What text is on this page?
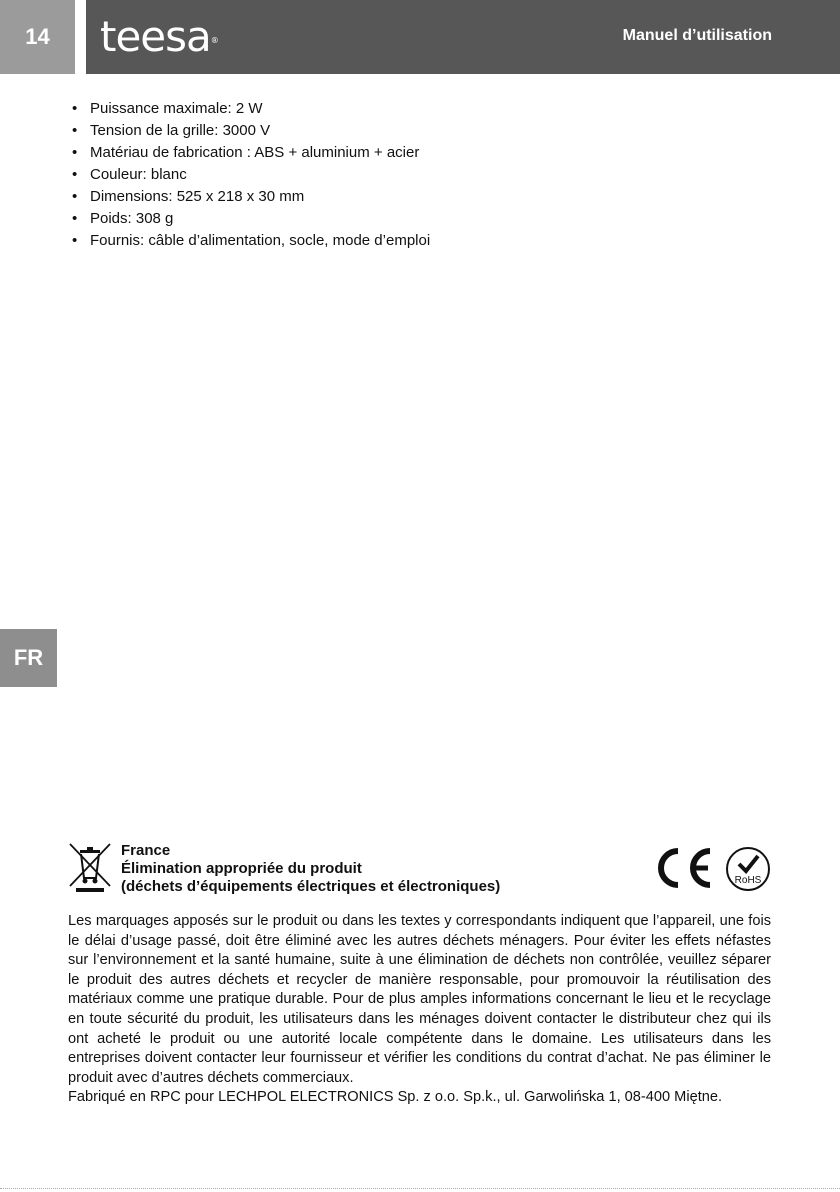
14	teesa®	Manuel d’utilisation
• Puissance maximale: 2 W
• Tension de la grille: 3000 V
• Matériau de fabrication : ABS + aluminium + acier
• Couleur: blanc
• Dimensions: 525 x 218 x 30 mm
• Poids: 308 g
• Fournis: câble d’alimentation, socle, mode d’emploi
FR
France
Élimination appropriée du produit
(déchets d’équipements électriques et électroniques)	RoHS
Les marquages apposés sur le produit ou dans les textes y correspondants indiquent que l’appareil, une fois le délai d’usage passé, doit être éliminé avec les autres déchets ménagers. Pour éviter les effets néfastes sur l’environnement et la santé humaine, suite à une élimination de déchets non contrôlée, veuillez séparer le produit des autres déchets et recycler de manière responsable, pour promouvoir la réutilisation des matériaux comme une pratique durable. Pour de plus amples informations concernant le lieu et le recyclage en toute sécurité du produit, les utilisateurs dans les ménages doivent contacter le distributeur chez qui ils ont acheté le produit ou une autorité locale compétente dans le domaine. Les utilisateurs dans les entreprises doivent contacter leur fournisseur et vérifier les conditions du contrat d’achat. Ne pas éliminer le produit avec d’autres déchets commerciaux.
Fabriqué en RPC pour LECHPOL ELECTRONICS Sp. z o.o. Sp.k., ul. Garwolińska 1, 08-400 Miętne.
